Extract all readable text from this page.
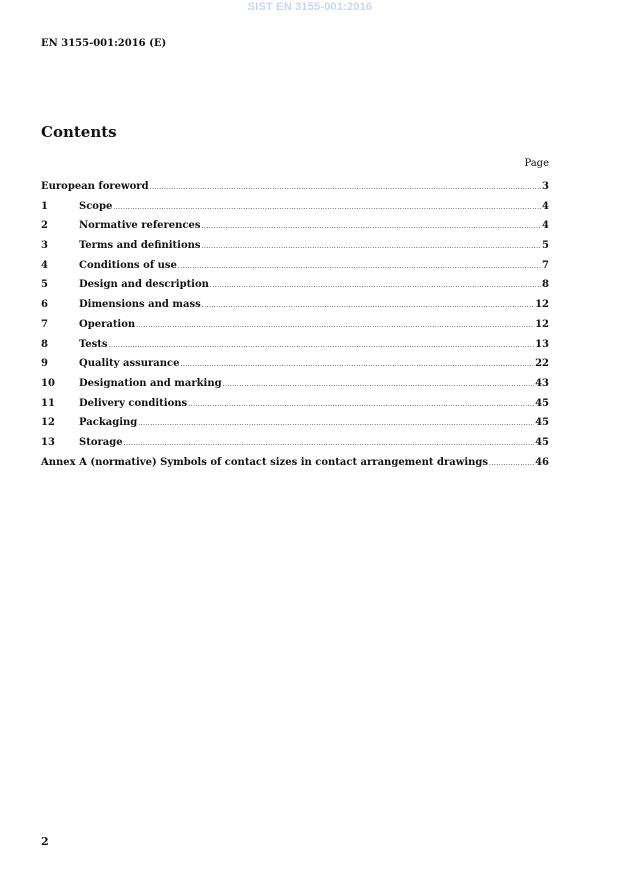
SIST EN 3155-001:2016
EN 3155-001:2016 (E)
Contents
Page
European foreword .....	3
1	Scope .....	4
2	Normative references .....	4
3	Terms and definitions .....	5
4	Conditions of use .....	7
5	Design and description .....	8
6	Dimensions and mass .....	12
7	Operation .....	12
8	Tests .....	13
9	Quality assurance .....	22
10	Designation and marking .....	43
11	Delivery conditions .....	45
12	Packaging .....	45
13	Storage .....	45
Annex A (normative) Symbols of contact sizes in contact arrangement drawings .....	46
2
